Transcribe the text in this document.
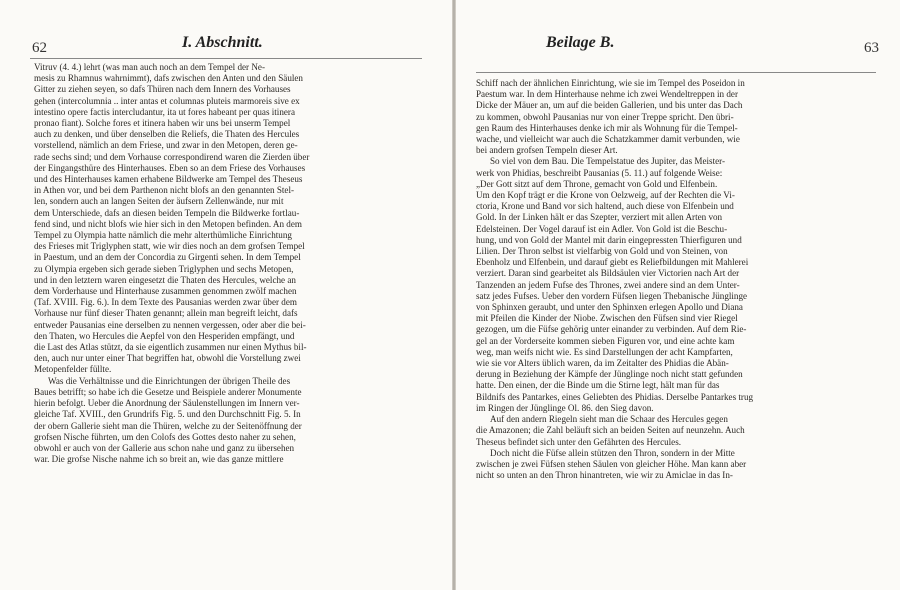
62	I. Abschnitt.

Vitruv (4. 4.) lehrt (was man auch noch an dem Tempel der Ne-

mesis zu Rhamnus wahrnimmt), dafs zwischen den Anten und den Säulen

Gitter zu ziehen seyen, so dafs Thüren nach dem Innern des Vorhauses

gehen (intercolumnia .. inter antas et columnas pluteis marmoreis sive ex

intestino opere factis intercludantur, ita ut fores habeant per quas itinera

pronao fiant). Solche fores et itinera haben wir uns bei unserm Tempel

auch zu denken, und über denselben die Reliefs, die Thaten des Hercules

vorstellend, nämlich an dem Friese, und zwar in den Metopen, deren ge-

rade sechs sind; und dem Vorhause correspondirend waren die Zierden über

der Eingangsthüre des Hinterhauses. Eben so an dem Friese des Vorhauses

und des Hinterhauses kamen erhabene Bildwerke am Tempel des Theseus

in Athen vor, und bei dem Parthenon nicht blofs an den genannten Stel-

len, sondern auch an langen Seiten der äufsern Zellenwände, nur mit

dem Unterschiede, dafs an diesen beiden Tempeln die Bildwerke fortlau-

fend sind, und nicht blofs wie hier sich in den Metopen befinden. An dem

Tempel zu Olympia hatte nämlich die mehr alterthümliche Einrichtung

des Frieses mit Triglyphen statt, wie wir dies noch an dem grofsen Tempel

in Paestum, und an dem der Concordia zu Girgenti sehen. In dem Tempel

zu Olympia ergeben sich gerade sieben Triglyphen und sechs Metopen,

und in den letztern waren eingesetzt die Thaten des Hercules, welche an

dem Vorderhause und Hinterhause zusammen genommen zwölf machen

(Taf. XVIII. Fig. 6.). In dem Texte des Pausanias werden zwar über dem

Vorhause nur fünf dieser Thaten genannt; allein man begreift leicht, dafs

entweder Pausanias eine derselben zu nennen vergessen, oder aber die bei-

den Thaten, wo Hercules die Aepfel von den Hesperiden empfängt, und

die Last des Atlas stützt, da sie eigentlich zusammen nur einen Mythus bil-

den, auch nur unter einer That begriffen hat, obwohl die Vorstellung zwei

Metopenfelder füllte.

Was die Verhältnisse und die Einrichtungen der übrigen Theile des

Baues betrifft; so habe ich die Gesetze und Beispiele anderer Monumente

hierin befolgt. Ueber die Anordnung der Säulenstellungen im Innern ver-

gleiche Taf. XVIII., den Grundrifs Fig. 5. und den Durchschnitt Fig. 5. In

der obern Gallerie sieht man die Thüren, welche zu der Seitenöffnung der

grofsen Nische führten, um den Colofs des Gottes desto naher zu sehen,

obwohl er auch von der Gallerie aus schon nahe und ganz zu übersehen

war. Die grofse Nische nahme ich so breit an, wie das ganze mittlere

Beilage B.	63

Schiff nach der ähnlichen Einrichtung, wie sie im Tempel des Poseidon in

Paestum war. In dem Hinterhause nehme ich zwei Wendeltreppen in der

Dicke der Mäuer an, um auf die beiden Gallerien, und bis unter das Dach

zu kommen, obwohl Pausanias nur von einer Treppe spricht. Den übri-

gen Raum des Hinterhauses denke ich mir als Wohnung für die Tempel-

wache, und vielleicht war auch die Schatzkammer damit verbunden, wie

bei andern grofsen Tempeln dieser Art.

So viel von dem Bau. Die Tempelstatue des Jupiter, das Meister-

werk von Phidias, beschreibt Pausanias (5. 11.) auf folgende Weise:

„Der Gott sitzt auf dem Throne, gemacht von Gold und Elfenbein.

Um den Kopf trägt er die Krone von Oelzweig, auf der Rechten die Vi-

ctoria, Krone und Band vor sich haltend, auch diese von Elfenbein und

Gold. In der Linken hält er das Szepter, verziert mit allen Arten von

Edelsteinen. Der Vogel darauf ist ein Adler. Von Gold ist die Beschu-

hung, und von Gold der Mantel mit darin eingepressten Thierfiguren und

Lilien. Der Thron selbst ist vielfarbig von Gold und von Steinen, von

Ebenholz und Elfenbein, und darauf giebt es Reliefbildungen mit Mahlerei

verziert. Daran sind gearbeitet als Bildsäulen vier Victorien nach Art der

Tanzenden an jedem Fufse des Thrones, zwei andere sind an dem Unter-

satz jedes Fufses. Ueber den vordern Füfsen liegen Thebanische Jünglinge

von Sphinxen geraubt, und unter den Sphinxen erlegen Apollo und Diana

mit Pfeilen die Kinder der Niobe. Zwischen den Füfsen sind vier Riegel

gezogen, um die Füfse gehörig unter einander zu verbinden. Auf dem Rie-

gel an der Vorderseite kommen sieben Figuren vor, und eine achte kam

weg, man weifs nicht wie. Es sind Darstellungen der acht Kampfarten,

wie sie vor Alters üblich waren, da im Zeitalter des Phidias die Abän-

derung in Beziehung der Kämpfe der Jünglinge noch nicht statt gefunden

hatte. Den einen, der die Binde um die Stirne legt, hält man für das

Bildnifs des Pantarkes, eines Geliebten des Phidias. Derselbe Pantarkes trug

im Ringen der Jünglinge Ol. 86. den Sieg davon.

Auf den andern Riegeln sieht man die Schaar des Hercules gegen

die Amazonen; die Zahl beläuft sich an beiden Seiten auf neunzehn. Auch

Theseus befindet sich unter den Gefährten des Hercules.

Doch nicht die Füfse allein stützen den Thron, sondern in der Mitte

zwischen je zwei Füfsen stehen Säulen von gleicher Höhe. Man kann aber

nicht so unten an den Thron hinantreten, wie wir zu Amiclae in das In-
